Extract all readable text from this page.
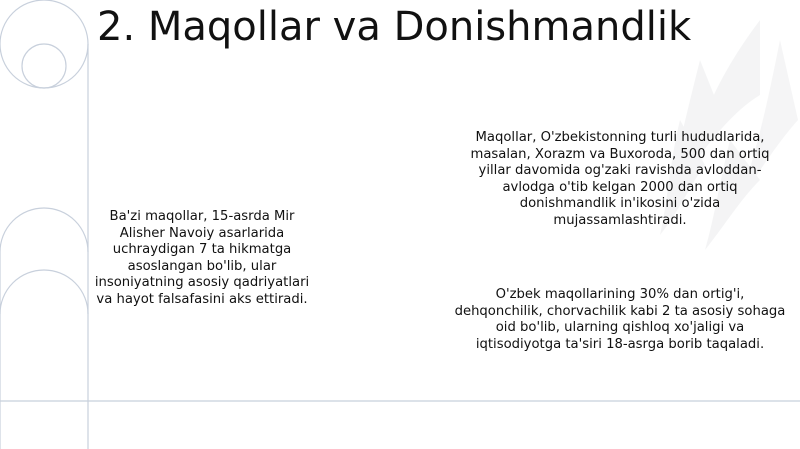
2. Maqollar va Donishmandlik
Ba'zi maqollar, 15-asrda Mir Alisher Navoiy asarlarida uchraydigan 7 ta hikmatga asoslangan bo'lib, ular insoniyatning asosiy qadriyatlari va hayot falsafasini aks ettiradi.
Maqollar, O'zbekistonning turli hududlarida, masalan, Xorazm va Buxoroda, 500 dan ortiq yillar davomida og'zaki ravishda avloddan-avlodga o'tib kelgan 2000 dan ortiq donishmandlik in'ikosini o'zida mujassamlashtiradi.
O'zbek maqollarining 30% dan ortig'i, dehqonchilik, chorvachilik kabi 2 ta asosiy sohaga oid bo'lib, ularning qishloq xo'jaligi va iqtisodiyotga ta'siri 18-asrga borib taqaladi.
